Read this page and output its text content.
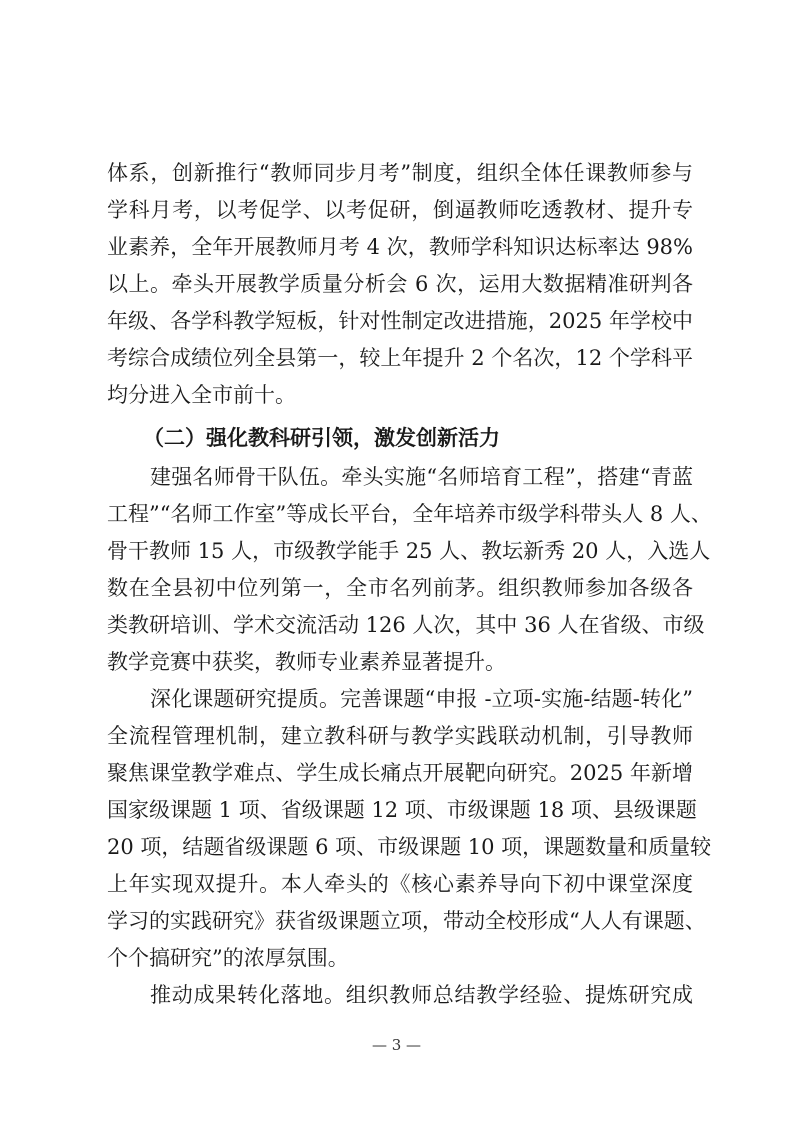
体系，创新推行“教师同步月考”制度，组织全体任课教师参与
学科月考，以考促学、以考促研，倒逼教师吃透教材、提升专
业素养，全年开展教师月考 4 次，教师学科知识达标率达 98%
以上。牵头开展教学质量分析会 6 次，运用大数据精准研判各
年级、各学科教学短板，针对性制定改进措施，2025 年学校中
考综合成绩位列全县第一，较上年提升 2 个名次，12 个学科平
均分进入全市前十。
（二）强化教科研引领，激发创新活力
建强名师骨干队伍。牵头实施“名师培育工程”，搭建“青蓝
工程”“名师工作室”等成长平台，全年培养市级学科带头人 8 人、
骨干教师 15 人，市级教学能手 25 人、教坛新秀 20 人，入选人
数在全县初中位列第一，全市名列前茅。组织教师参加各级各
类教研培训、学术交流活动 126 人次，其中 36 人在省级、市级
教学竞赛中获奖，教师专业素养显著提升。
深化课题研究提质。完善课题“申报 -立项-实施-结题-转化”
全流程管理机制，建立教科研与教学实践联动机制，引导教师
聚焦课堂教学难点、学生成长痛点开展靶向研究。2025 年新增
国家级课题 1 项、省级课题 12 项、市级课题 18 项、县级课题
20 项，结题省级课题 6 项、市级课题 10 项，课题数量和质量较
上年实现双提升。本人牵头的《核心素养导向下初中课堂深度
学习的实践研究》获省级课题立项，带动全校形成“人人有课题、
个个搞研究”的浓厚氛围。
推动成果转化落地。组织教师总结教学经验、提炼研究成
— 3 —
